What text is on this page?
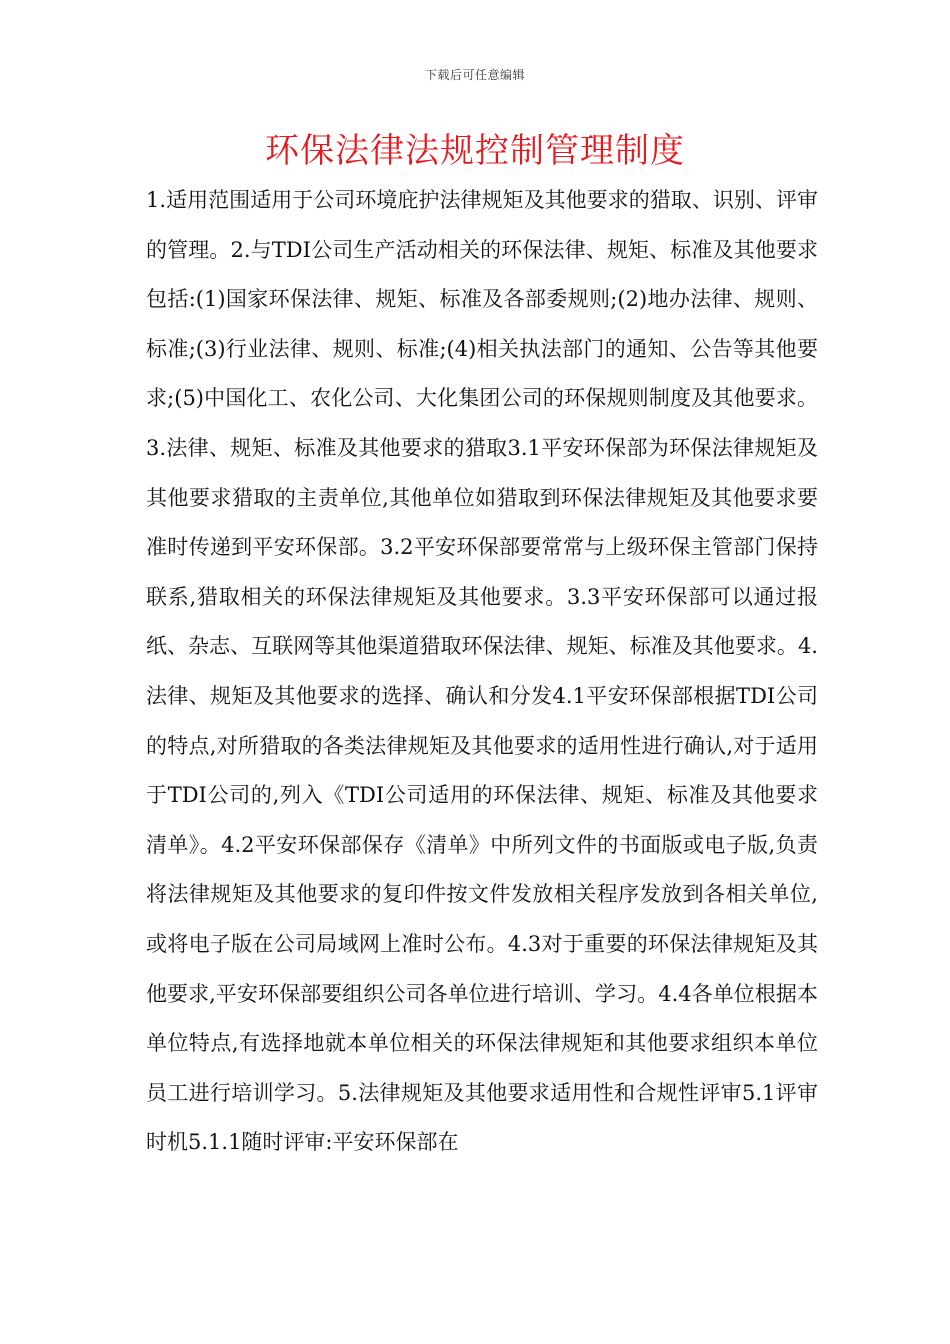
下载后可任意编辑
环保法律法规控制管理制度

1.适用范围适用于公司环境庇护法律规矩及其他要求的猎取、识别、评审的管理。2.与TDI公司生产活动相关的环保法律、规矩、标准及其他要求包括:(1)国家环保法律、规矩、标准及各部委规则;(2)地办法律、规则、标准;(3)行业法律、规则、标准;(4)相关执法部门的通知、公告等其他要求;(5)中国化工、农化公司、大化集团公司的环保规则制度及其他要求。3.法律、规矩、标准及其他要求的猎取3.1平安环保部为环保法律规矩及其他要求猎取的主责单位,其他单位如猎取到环保法律规矩及其他要求要准时传递到平安环保部。3.2平安环保部要常常与上级环保主管部门保持联系,猎取相关的环保法律规矩及其他要求。3.3平安环保部可以通过报纸、杂志、互联网等其他渠道猎取环保法律、规矩、标准及其他要求。4.法律、规矩及其他要求的选择、确认和分发4.1平安环保部根据TDI公司的特点,对所猎取的各类法律规矩及其他要求的适用性进行确认,对于适用于TDI公司的,列入《TDI公司适用的环保法律、规矩、标准及其他要求清单》。4.2平安环保部保存《清单》中所列文件的书面版或电子版,负责将法律规矩及其他要求的复印件按文件发放相关程序发放到各相关单位,或将电子版在公司局域网上准时公布。4.3对于重要的环保法律规矩及其他要求,平安环保部要组织公司各单位进行培训、学习。4.4各单位根据本单位特点,有选择地就本单位相关的环保法律规矩和其他要求组织本单位员工进行培训学习。5.法律规矩及其他要求适用性和合规性评审5.1评审时机5.1.1随时评审:平安环保部在
